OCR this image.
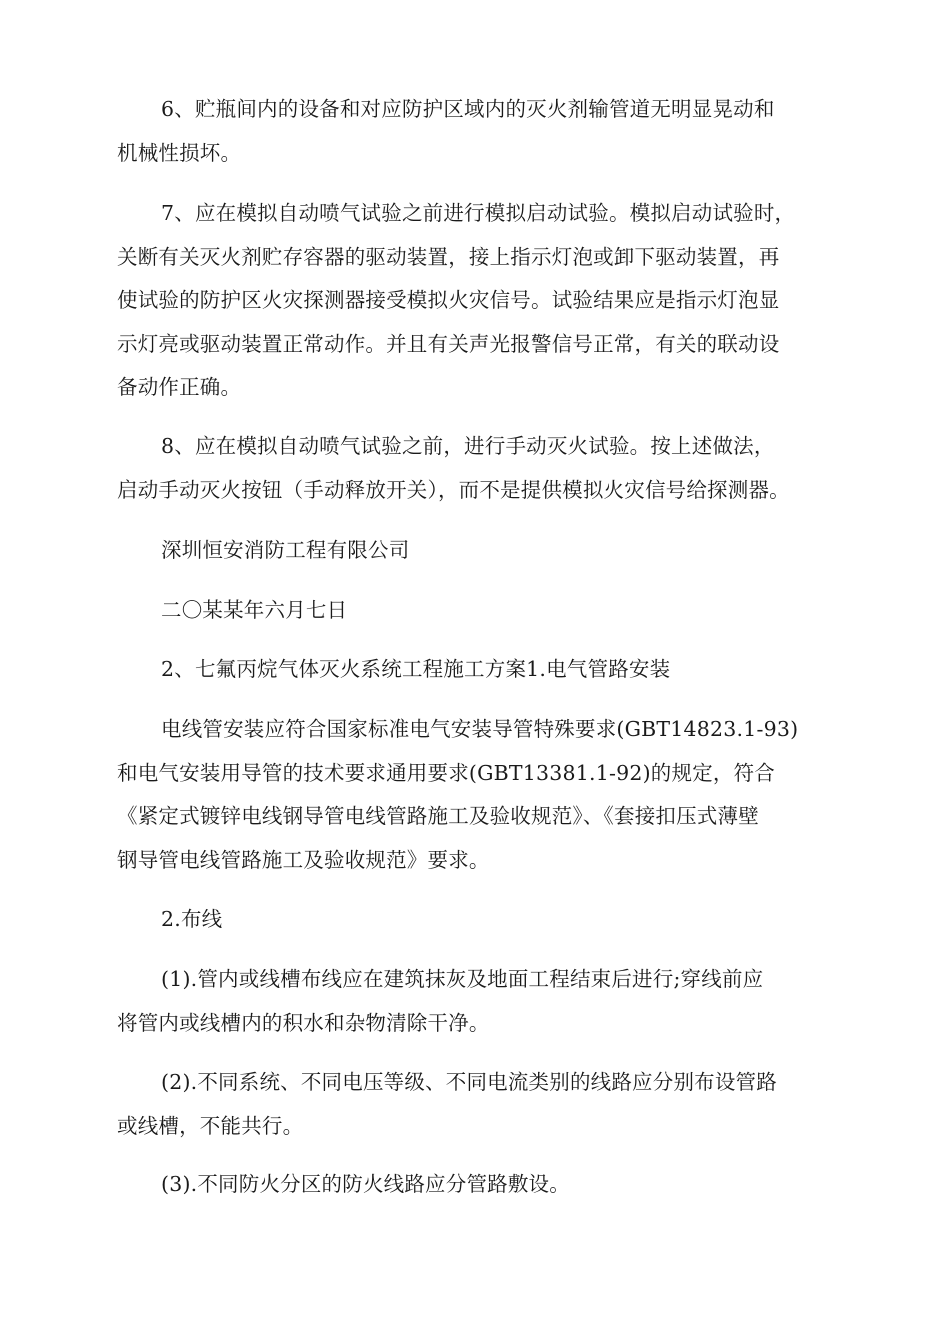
6、贮瓶间内的设备和对应防护区域内的灭火剂输管道无明显晃动和
机械性损坏。

7、应在模拟自动喷气试验之前进行模拟启动试验。模拟启动试验时，
关断有关灭火剂贮存容器的驱动装置，接上指示灯泡或卸下驱动装置，再
使试验的防护区火灾探测器接受模拟火灾信号。试验结果应是指示灯泡显
示灯亮或驱动装置正常动作。并且有关声光报警信号正常，有关的联动设
备动作正确。

8、应在模拟自动喷气试验之前，进行手动灭火试验。按上述做法，
启动手动灭火按钮（手动释放开关），而不是提供模拟火灾信号给探测器。

深圳恒安消防工程有限公司

二〇某某年六月七日

2、七氟丙烷气体灭火系统工程施工方案1.电气管路安装

电线管安装应符合国家标准电气安装导管特殊要求(GBT14823.1-93)
和电气安装用导管的技术要求通用要求(GBT13381.1-92)的规定，符合
《紧定式镀锌电线钢导管电线管路施工及验收规范》、《套接扣压式薄壁
钢导管电线管路施工及验收规范》要求。

2.布线

(1).管内或线槽布线应在建筑抹灰及地面工程结束后进行;穿线前应
将管内或线槽内的积水和杂物清除干净。

(2).不同系统、不同电压等级、不同电流类别的线路应分别布设管路
或线槽，不能共行。

(3).不同防火分区的防火线路应分管路敷设。
